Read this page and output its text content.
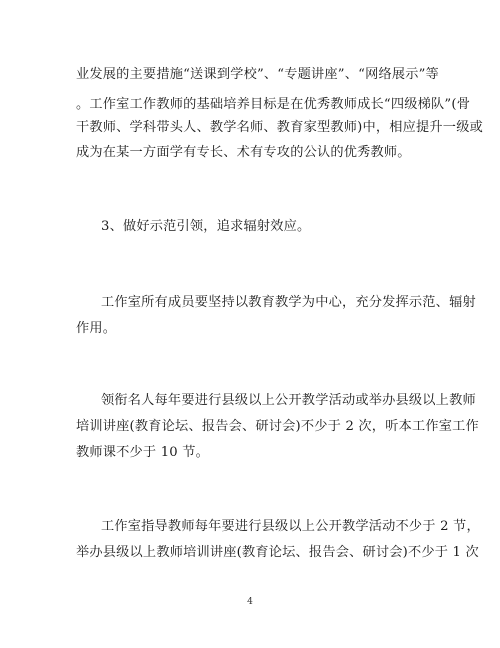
业发展的主要措施“送课到学校”、“专题讲座”、“网络展示”等
。工作室工作教师的基础培养目标是在优秀教师成长“四级梯队”(骨
干教师、学科带头人、教学名师、教育家型教师)中，相应提升一级或
成为在某一方面学有专长、术有专攻的公认的优秀教师。
3、做好示范引领，追求辐射效应。
工作室所有成员要坚持以教育教学为中心，充分发挥示范、辐射
作用。
领衔名人每年要进行县级以上公开教学活动或举办县级以上教师
培训讲座(教育论坛、报告会、研讨会)不少于 2 次，听本工作室工作
教师课不少于 10 节。
工作室指导教师每年要进行县级以上公开教学活动不少于 2 节，
举办县级以上教师培训讲座(教育论坛、报告会、研讨会)不少于 1 次
4
